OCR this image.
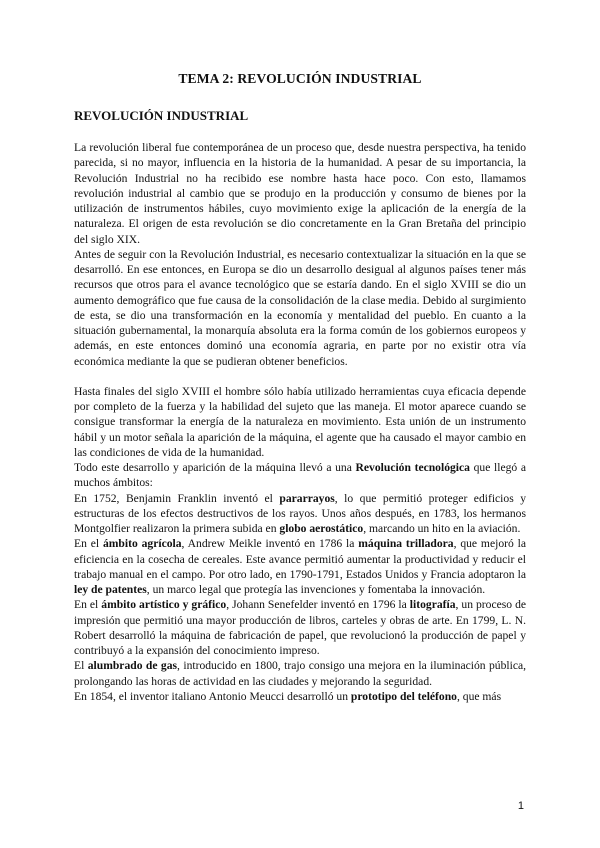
TEMA 2: REVOLUCIÓN INDUSTRIAL
REVOLUCIÓN INDUSTRIAL

La revolución liberal fue contemporánea de un proceso que, desde nuestra perspectiva, ha tenido parecida, si no mayor, influencia en la historia de la humanidad. A pesar de su importancia, la Revolución Industrial no ha recibido ese nombre hasta hace poco. Con esto, llamamos revolución industrial al cambio que se produjo en la producción y consumo de bienes por la utilización de instrumentos hábiles, cuyo movimiento exige la aplicación de la energía de la naturaleza. El origen de esta revolución se dio concretamente en la Gran Bretaña del principio del siglo XIX.

Antes de seguir con la Revolución Industrial, es necesario contextualizar la situación en la que se desarrolló. En ese entonces, en Europa se dio un desarrollo desigual al algunos países tener más recursos que otros para el avance tecnológico que se estaría dando. En el siglo XVIII se dio un aumento demográfico que fue causa de la consolidación de la clase media. Debido al surgimiento de esta, se dio una transformación en la economía y mentalidad del pueblo. En cuanto a la situación gubernamental, la monarquía absoluta era la forma común de los gobiernos europeos y además, en este entonces dominó una economía agraria, en parte por no existir otra vía económica mediante la que se pudieran obtener beneficios.

Hasta finales del siglo XVIII el hombre sólo había utilizado herramientas cuya eficacia depende por completo de la fuerza y la habilidad del sujeto que las maneja. El motor aparece cuando se consigue transformar la energía de la naturaleza en movimiento. Esta unión de un instrumento hábil y un motor señala la aparición de la máquina, el agente que ha causado el mayor cambio en las condiciones de vida de la humanidad.

Todo este desarrollo y aparición de la máquina llevó a una Revolución tecnológica que llegó a muchos ámbitos:

En 1752, Benjamin Franklin inventó el pararrayos, lo que permitió proteger edificios y estructuras de los efectos destructivos de los rayos. Unos años después, en 1783, los hermanos Montgolfier realizaron la primera subida en globo aerostático, marcando un hito en la aviación.

En el ámbito agrícola, Andrew Meikle inventó en 1786 la máquina trilladora, que mejoró la eficiencia en la cosecha de cereales. Este avance permitió aumentar la productividad y reducir el trabajo manual en el campo. Por otro lado, en 1790-1791, Estados Unidos y Francia adoptaron la ley de patentes, un marco legal que protegía las invenciones y fomentaba la innovación.

En el ámbito artístico y gráfico, Johann Senefelder inventó en 1796 la litografía, un proceso de impresión que permitió una mayor producción de libros, carteles y obras de arte. En 1799, L. N. Robert desarrolló la máquina de fabricación de papel, que revolucionó la producción de papel y contribuyó a la expansión del conocimiento impreso.

El alumbrado de gas, introducido en 1800, trajo consigo una mejora en la iluminación pública, prolongando las horas de actividad en las ciudades y mejorando la seguridad.

En 1854, el inventor italiano Antonio Meucci desarrolló un prototipo del teléfono, que más

1
